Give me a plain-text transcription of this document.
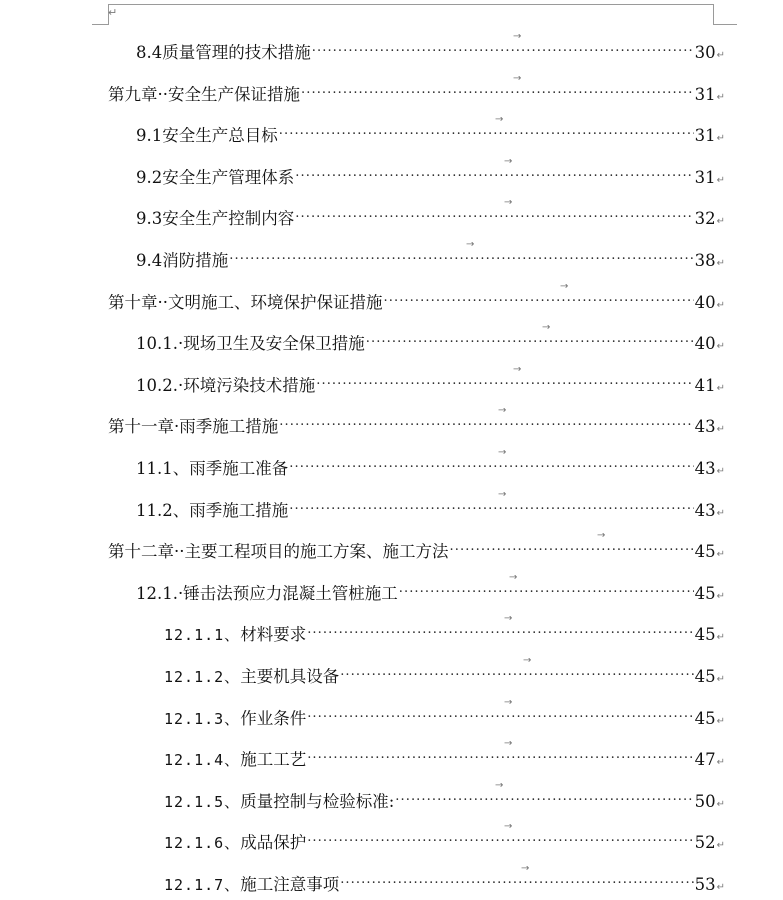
↵
8.4 质量管理的技术措施
..... →
30 ↵
第九章·· 安全生产保证措施
..... →
31 ↵
9.1 安全生产总目标
..... →
31 ↵
9.2 安全生产管理体系
..... →
31 ↵
9.3 安全生产控制内容
..... →
32 ↵
9.4 消防措施
..... →
38 ↵
第十章·· 文明施工、环境保护保证措施
..... →
40 ↵
10.1.· 现场卫生及安全保卫措施
..... →
40 ↵
10.2.· 环境污染技术措施
..... →
41 ↵
第十一章· 雨季施工措施
..... →
43 ↵
11.1、 雨季施工准备
..... →
43 ↵
11.2、 雨季施工措施
..... →
43 ↵
第十二章·· 主要工程项目的施工方案、施工方法
..... →
45 ↵
12.1.· 锤击法预应力混凝土管桩施工
..... →
45 ↵
12.1.1、 材料要求
..... →
45 ↵
12.1.2、 主要机具设备
..... →
45 ↵
12.1.3、 作业条件
..... →
45 ↵
12.1.4、 施工工艺
..... →
47 ↵
12.1.5、 质量控制与检验标准:
..... →
50 ↵
12.1.6、 成品保护
..... →
52 ↵
12.1.7、 施工注意事项
..... →
53 ↵
